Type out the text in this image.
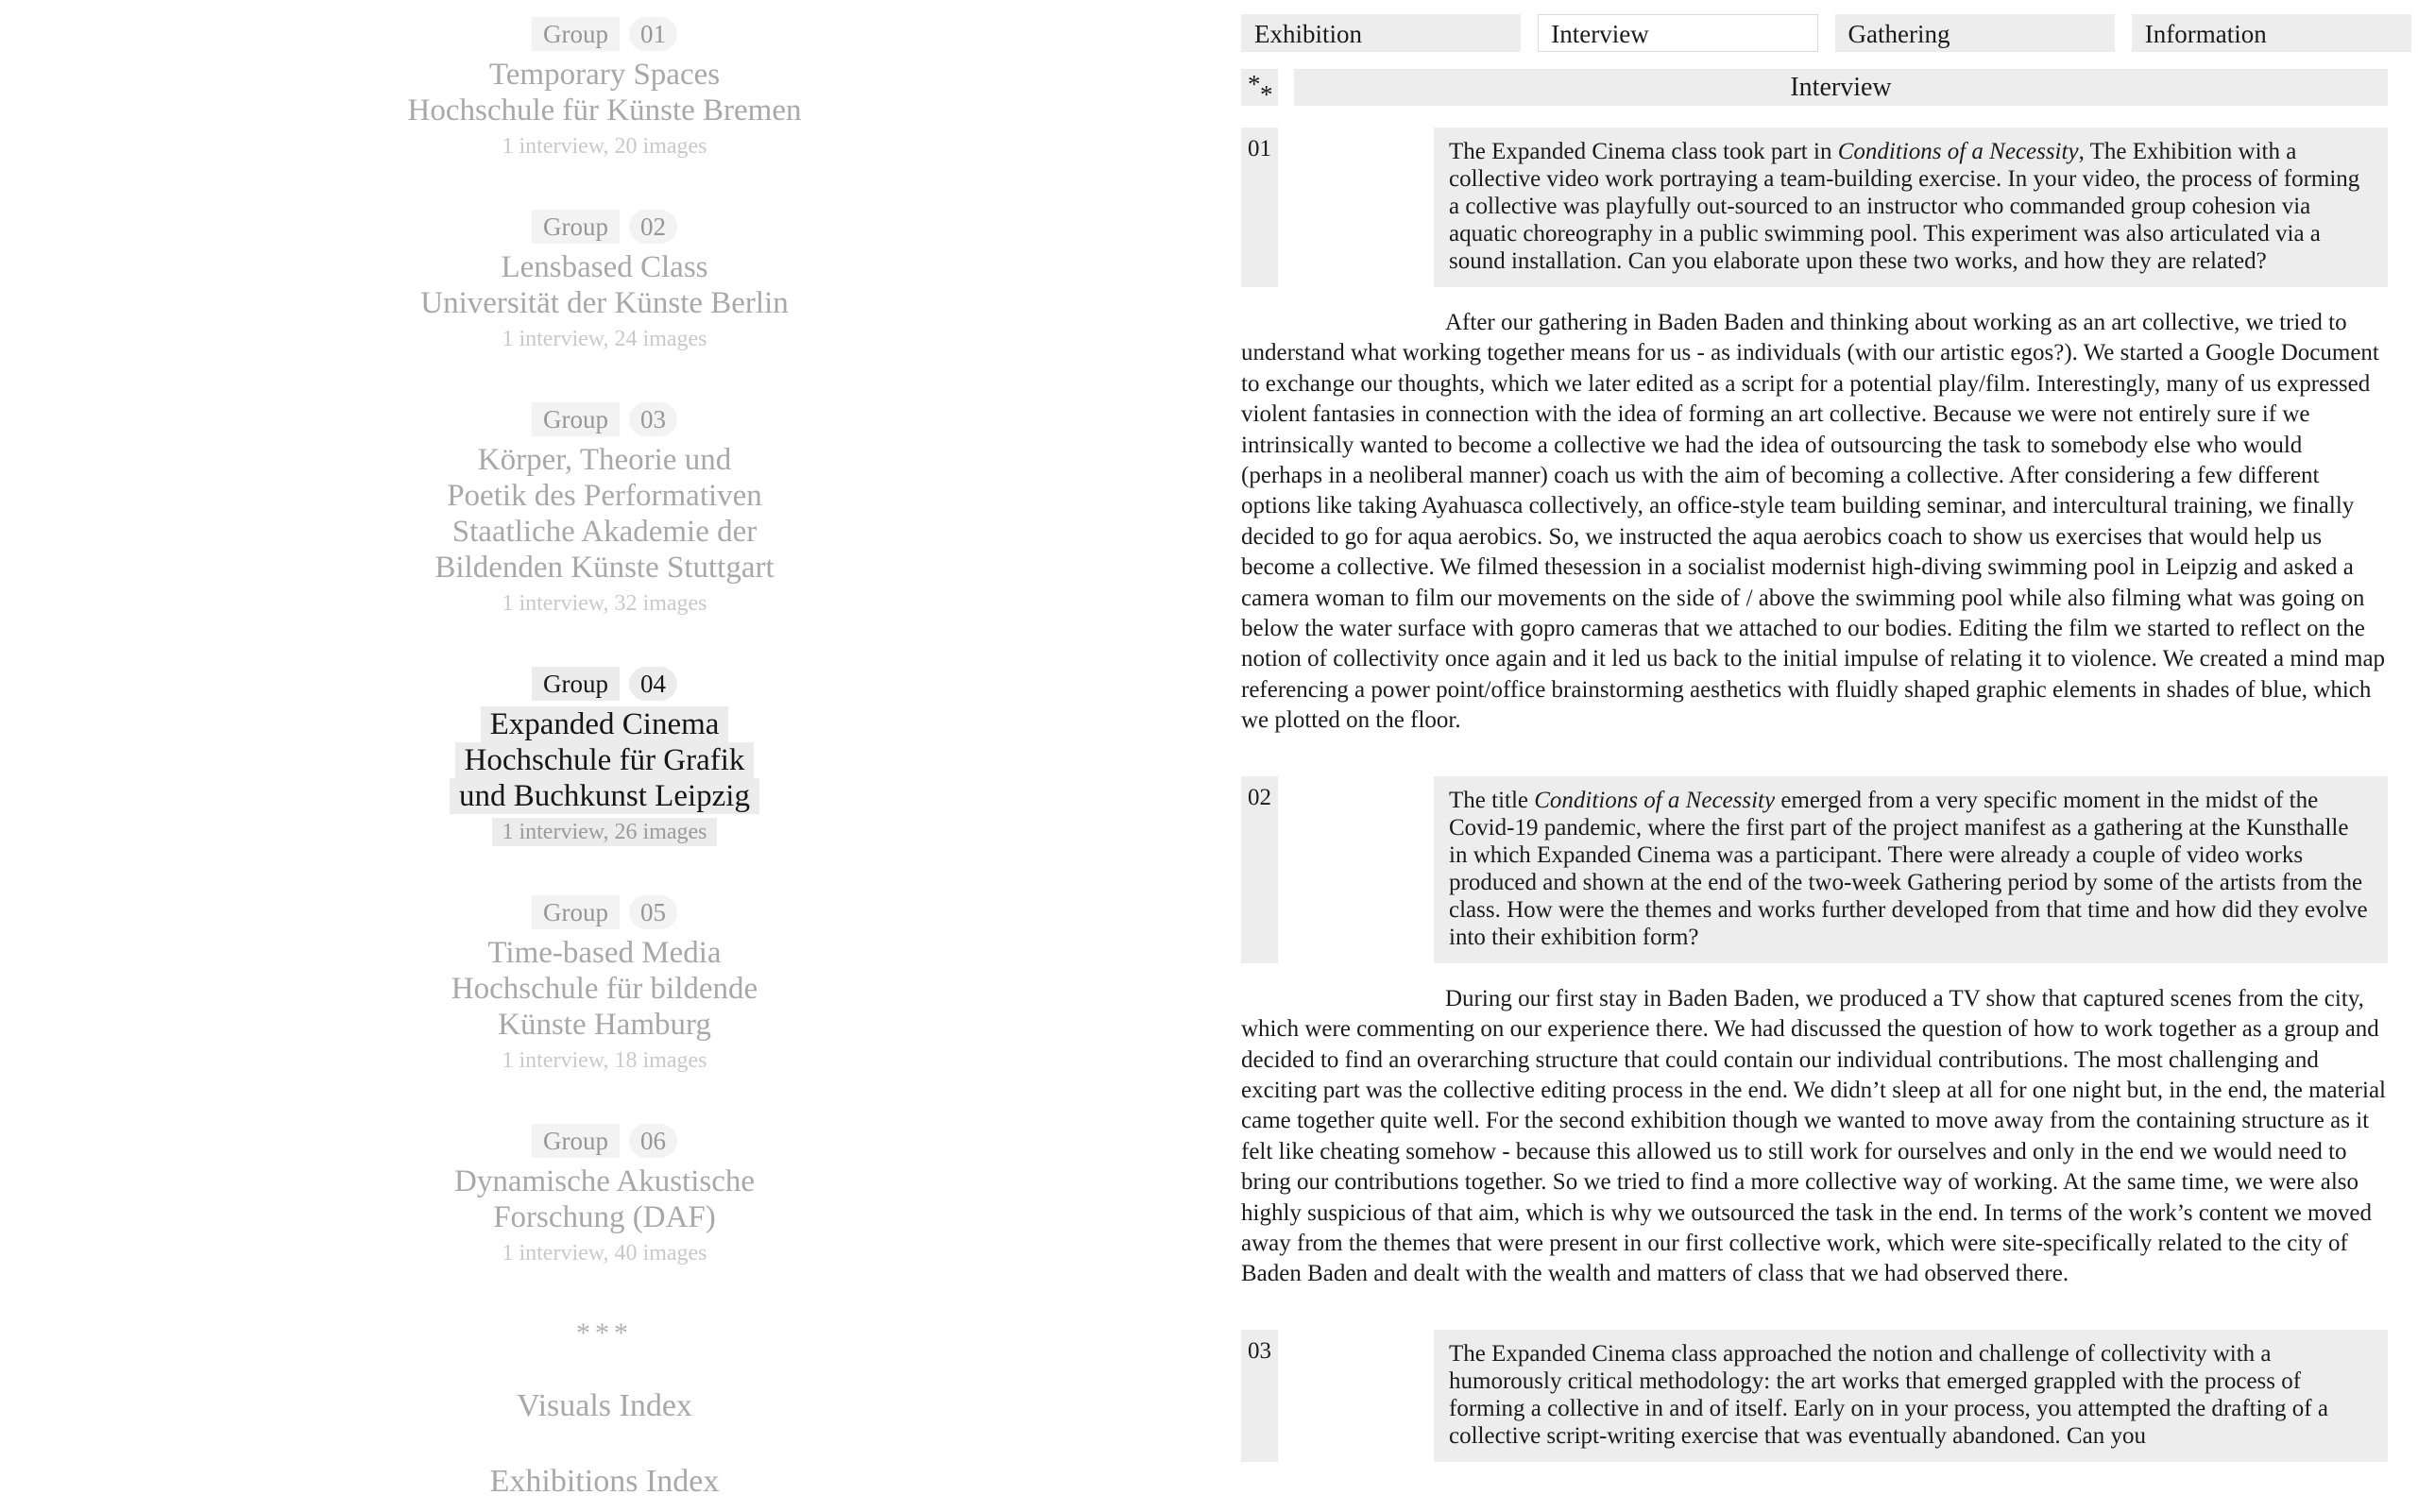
Group	01
Temporary Spaces
Hochschule für Künste Bremen
1 interview, 20 images
Group	02
Lensbased Class
Universität der Künste Berlin
1 interview, 24 images
Group	03
Körper, Theorie und
Poetik des Performativen
Staatliche Akademie der
Bildenden Künste Stuttgart
1 interview, 32 images
Group	04
Expanded Cinema
Hochschule für Grafik
und Buchkunst Leipzig
1 interview, 26 images
Group	05
Time-based Media
Hochschule für bildende
Künste Hamburg
1 interview, 18 images
Group	06
Dynamische Akustische
Forschung (DAF)
1 interview, 40 images
***
Visuals Index
Exhibitions Index
Exhibition	Interview	Gathering	Information
* *	Interview
01	The Expanded Cinema class took part in Conditions of a Necessity, The Exhibition with a collective video work portraying a team-building exercise. In your video, the process of forming a collective was playfully out-sourced to an instructor who commanded group cohesion via aquatic choreography in a public swimming pool. This experiment was also articulated via a sound installation. Can you elaborate upon these two works, and how they are related?

After our gathering in Baden Baden and thinking about working as an art collective, we tried to understand what working together means for us - as individuals (with our artistic egos?). We started a Google Document to exchange our thoughts, which we later edited as a script for a potential play/film. Interestingly, many of us expressed violent fantasies in connection with the idea of forming an art collective. Because we were not entirely sure if we intrinsically wanted to become a collective we had the idea of outsourcing the task to somebody else who would (perhaps in a neoliberal manner) coach us with the aim of becoming a collective. After considering a few different options like taking Ayahuasca collectively, an office-style team building seminar, and intercultural training, we finally decided to go for aqua aerobics. So, we instructed the aqua aerobics coach to show us exercises that would help us become a collective. We filmed thesession in a socialist modernist high-diving swimming pool in Leipzig and asked a camera woman to film our movements on the side of / above the swimming pool while also filming what was going on below the water surface with gopro cameras that we attached to our bodies. Editing the film we started to reflect on the notion of collectivity once again and it led us back to the initial impulse of relating it to violence. We created a mind map referencing a power point/office brainstorming aesthetics with fluidly shaped graphic elements in shades of blue, which we plotted on the floor.

02	The title Conditions of a Necessity emerged from a very specific moment in the midst of the Covid-19 pandemic, where the first part of the project manifest as a gathering at the Kunsthalle in which Expanded Cinema was a participant. There were already a couple of video works produced and shown at the end of the two-week Gathering period by some of the artists from the class. How were the themes and works further developed from that time and how did they evolve into their exhibition form?

During our first stay in Baden Baden, we produced a TV show that captured scenes from the city, which were commenting on our experience there. We had discussed the question of how to work together as a group and decided to find an overarching structure that could contain our individual contributions. The most challenging and exciting part was the collective editing process in the end. We didn’t sleep at all for one night but, in the end, the material came together quite well. For the second exhibition though we wanted to move away from the containing structure as it felt like cheating somehow - because this allowed us to still work for ourselves and only in the end we would need to bring our contributions together. So we tried to find a more collective way of working. At the same time, we were also highly suspicious of that aim, which is why we outsourced the task in the end. In terms of the work’s content we moved away from the themes that were present in our first collective work, which were site-specifically related to the city of Baden Baden and dealt with the wealth and matters of class that we had observed there.

03	The Expanded Cinema class approached the notion and challenge of collectivity with a humorously critical methodology: the art works that emerged grappled with the process of forming a collective in and of itself. Early on in your process, you attempted the drafting of a collective script-writing exercise that was eventually abandoned. Can you
